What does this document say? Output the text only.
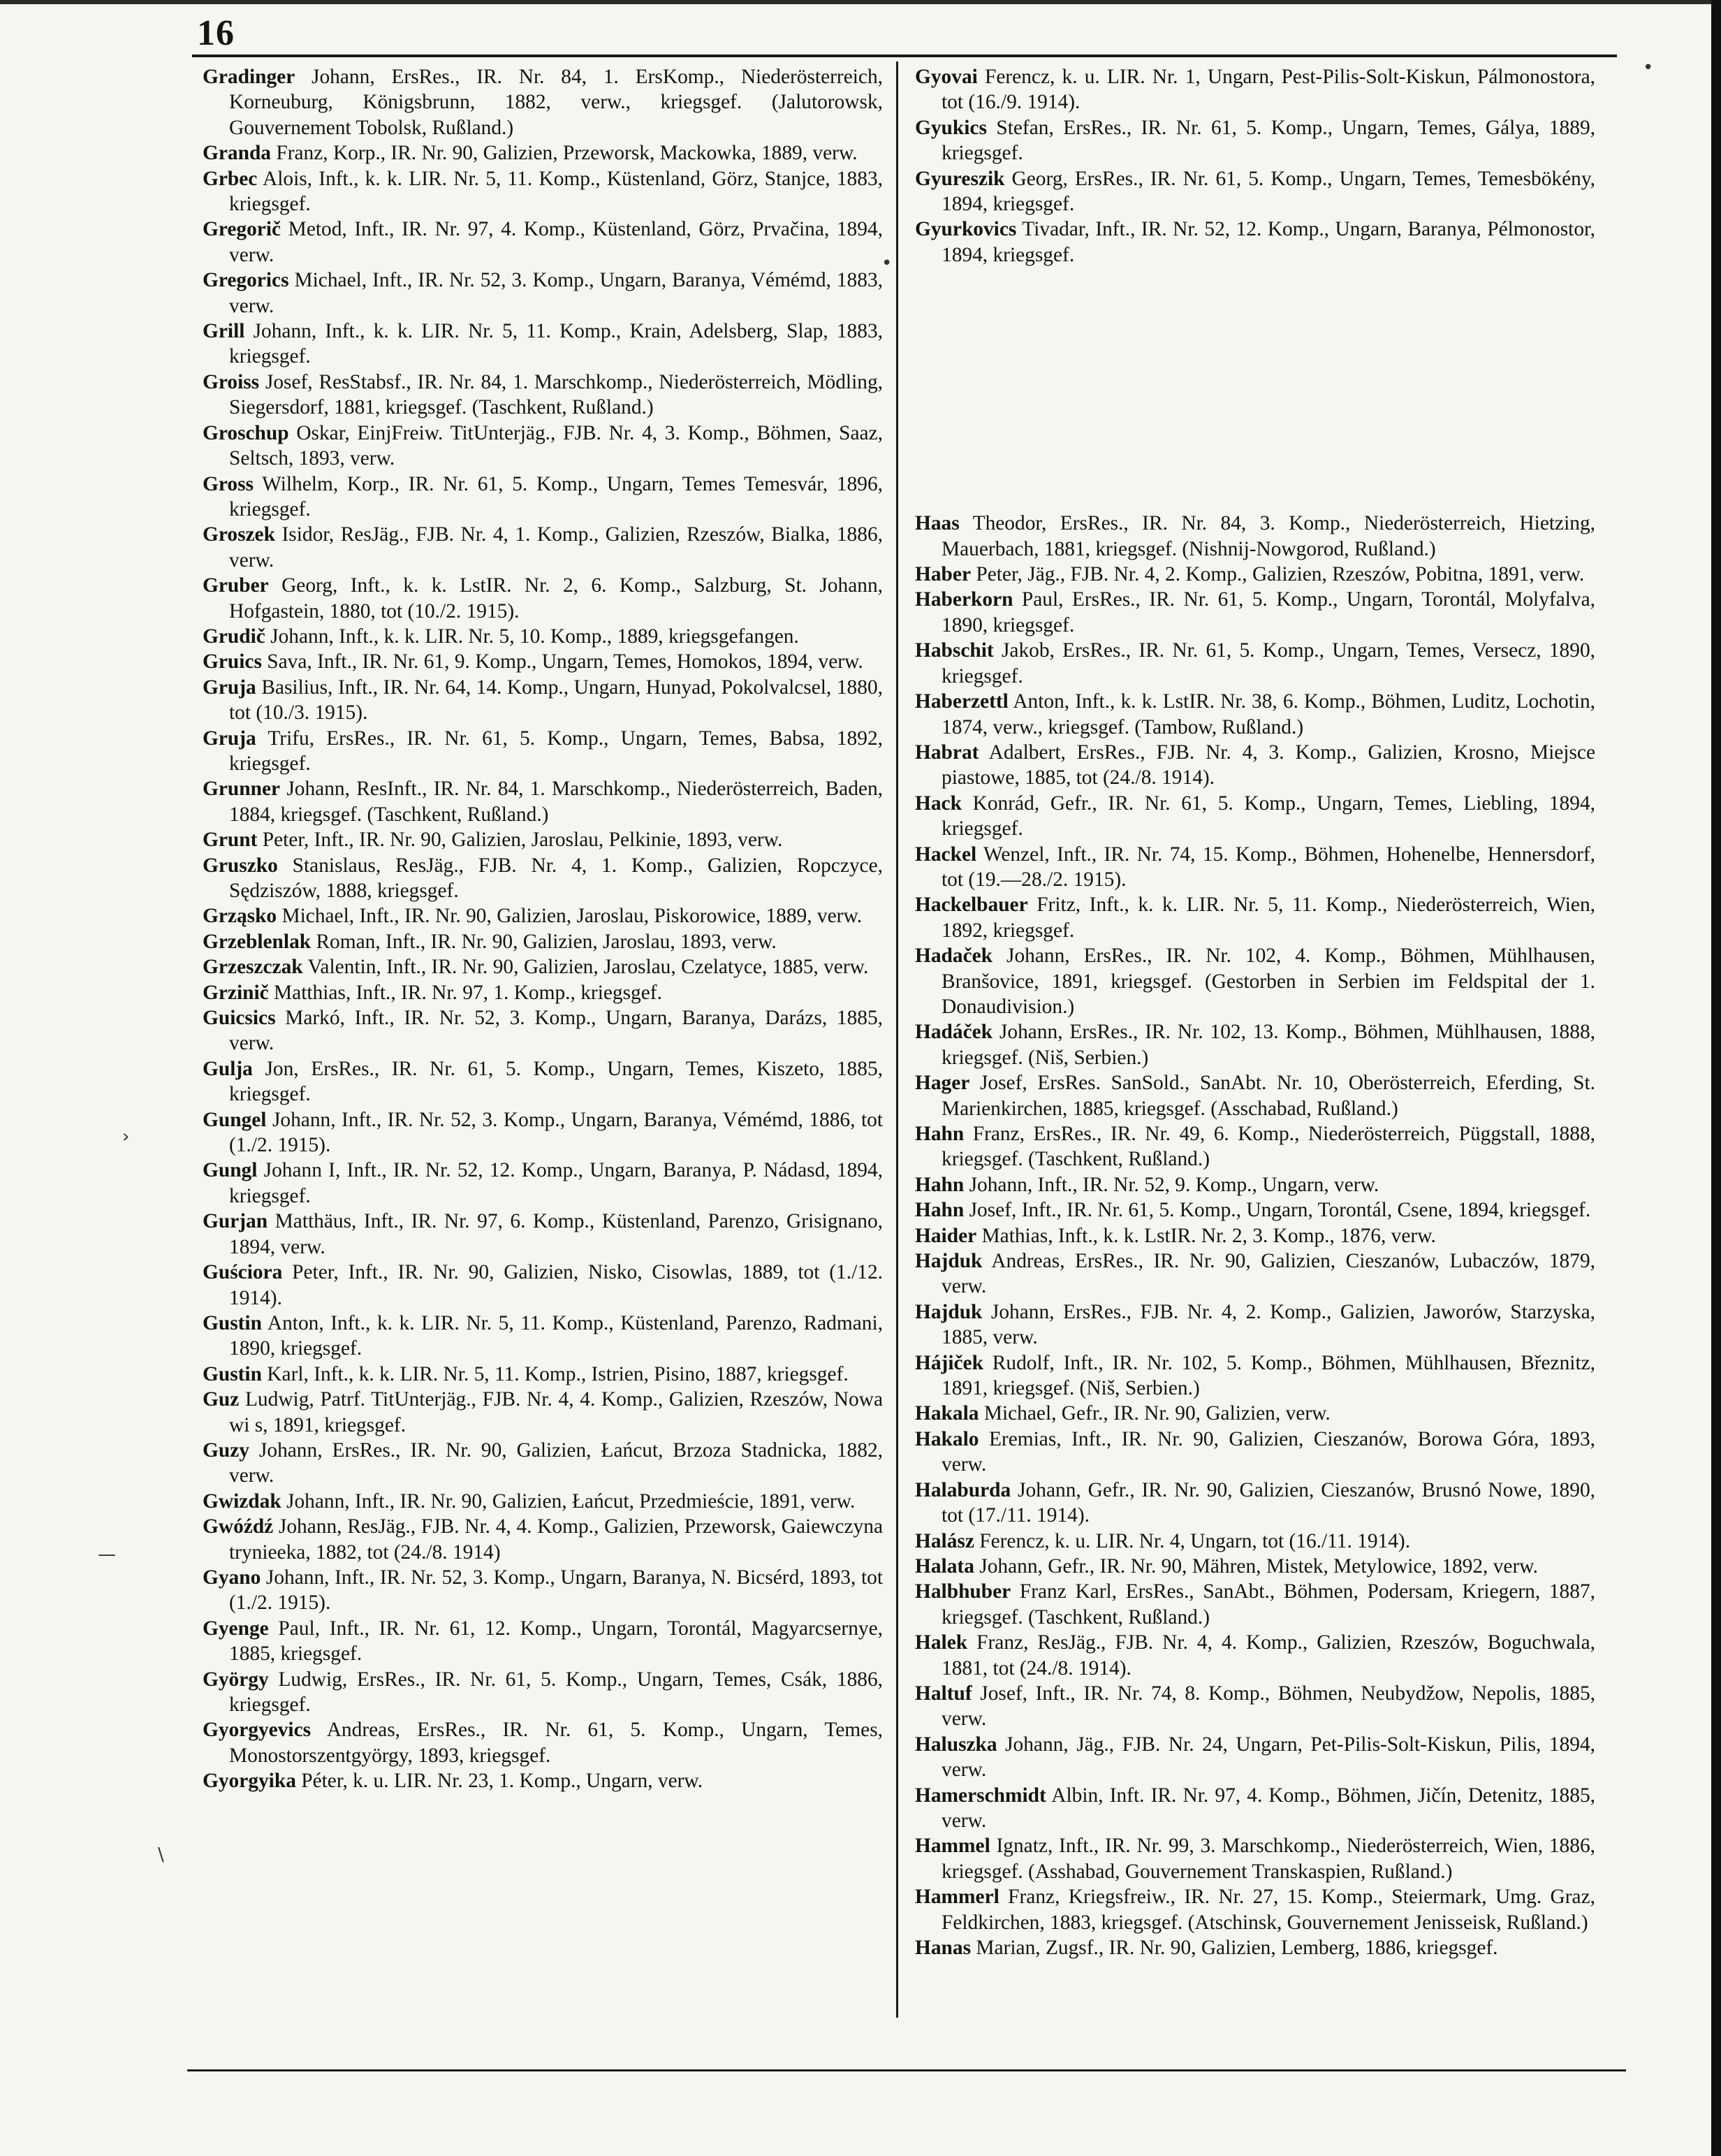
16
•
›
—
\
•

Gradinger Johann, ErsRes., IR. Nr. 84, 1. ErsKomp., Niederösterreich, Korneuburg, Königsbrunn, 1882, verw., kriegsgef. (Jalutorowsk, Gouvernement Tobolsk, Rußland.)

Granda Franz, Korp., IR. Nr. 90, Galizien, Przeworsk, Mackowka, 1889, verw.

Grbec Alois, Inft., k. k. LIR. Nr. 5, 11. Komp., Küstenland, Görz, Stanjce, 1883, kriegsgef.

Gregorič Metod, Inft., IR. Nr. 97, 4. Komp., Küstenland, Görz, Prvačina, 1894, verw.

Gregorics Michael, Inft., IR. Nr. 52, 3. Komp., Ungarn, Baranya, Vémémd, 1883, verw.

Grill Johann, Inft., k. k. LIR. Nr. 5, 11. Komp., Krain, Adelsberg, Slap, 1883, kriegsgef.

Groiss Josef, ResStabsf., IR. Nr. 84, 1. Marschkomp., Niederösterreich, Mödling, Siegersdorf, 1881, kriegsgef. (Taschkent, Rußland.)

Groschup Oskar, EinjFreiw. TitUnterjäg., FJB. Nr. 4, 3. Komp., Böhmen, Saaz, Seltsch, 1893, verw.

Gross Wilhelm, Korp., IR. Nr. 61, 5. Komp., Ungarn, Temes Temesvár, 1896, kriegsgef.

Groszek Isidor, ResJäg., FJB. Nr. 4, 1. Komp., Galizien, Rzeszów, Bialka, 1886, verw.

Gruber Georg, Inft., k. k. LstIR. Nr. 2, 6. Komp., Salzburg, St. Johann, Hofgastein, 1880, tot (10./2. 1915).

Grudič Johann, Inft., k. k. LIR. Nr. 5, 10. Komp., 1889, kriegsgefangen.

Gruics Sava, Inft., IR. Nr. 61, 9. Komp., Ungarn, Temes, Homokos, 1894, verw.

Gruja Basilius, Inft., IR. Nr. 64, 14. Komp., Ungarn, Hunyad, Pokolvalcsel, 1880, tot (10./3. 1915).

Gruja Trifu, ErsRes., IR. Nr. 61, 5. Komp., Ungarn, Temes, Babsa, 1892, kriegsgef.

Grunner Johann, ResInft., IR. Nr. 84, 1. Marschkomp., Niederösterreich, Baden, 1884, kriegsgef. (Taschkent, Rußland.)

Grunt Peter, Inft., IR. Nr. 90, Galizien, Jaroslau, Pelkinie, 1893, verw.

Gruszko Stanislaus, ResJäg., FJB. Nr. 4, 1. Komp., Galizien, Ropczyce, Sędziszów, 1888, kriegsgef.

Grząsko Michael, Inft., IR. Nr. 90, Galizien, Jaroslau, Piskorowice, 1889, verw.

Grzeblenlak Roman, Inft., IR. Nr. 90, Galizien, Jaroslau, 1893, verw.

Grzeszczak Valentin, Inft., IR. Nr. 90, Galizien, Jaroslau, Czelatyce, 1885, verw.

Grzinič Matthias, Inft., IR. Nr. 97, 1. Komp., kriegsgef.

Guicsics Markó, Inft., IR. Nr. 52, 3. Komp., Ungarn, Baranya, Darázs, 1885, verw.

Gulja Jon, ErsRes., IR. Nr. 61, 5. Komp., Ungarn, Temes, Kiszeto, 1885, kriegsgef.

Gungel Johann, Inft., IR. Nr. 52, 3. Komp., Ungarn, Baranya, Vémémd, 1886, tot (1./2. 1915).

Gungl Johann I, Inft., IR. Nr. 52, 12. Komp., Ungarn, Baranya, P. Nádasd, 1894, kriegsgef.

Gurjan Matthäus, Inft., IR. Nr. 97, 6. Komp., Küstenland, Parenzo, Grisignano, 1894, verw.

Guściora Peter, Inft., IR. Nr. 90, Galizien, Nisko, Cisowlas, 1889, tot (1./12. 1914).

Gustin Anton, Inft., k. k. LIR. Nr. 5, 11. Komp., Küstenland, Parenzo, Radmani, 1890, kriegsgef.

Gustin Karl, Inft., k. k. LIR. Nr. 5, 11. Komp., Istrien, Pisino, 1887, kriegsgef.

Guz Ludwig, Patrf. TitUnterjäg., FJB. Nr. 4, 4. Komp., Galizien, Rzeszów, Nowa wi s, 1891, kriegsgef.

Guzy Johann, ErsRes., IR. Nr. 90, Galizien, Łańcut, Brzoza Stadnicka, 1882, verw.

Gwizdak Johann, Inft., IR. Nr. 90, Galizien, Łańcut, Przedmieście, 1891, verw.

Gwóźdź Johann, ResJäg., FJB. Nr. 4, 4. Komp., Galizien, Przeworsk, Gaiewczyna trynieeka, 1882, tot (24./8. 1914)

Gyano Johann, Inft., IR. Nr. 52, 3. Komp., Ungarn, Baranya, N. Bicsérd, 1893, tot (1./2. 1915).

Gyenge Paul, Inft., IR. Nr. 61, 12. Komp., Ungarn, Torontál, Magyarcsernye, 1885, kriegsgef.

György Ludwig, ErsRes., IR. Nr. 61, 5. Komp., Ungarn, Temes, Csák, 1886, kriegsgef.

Gyorgyevics Andreas, ErsRes., IR. Nr. 61, 5. Komp., Ungarn, Temes, Monostorszentgyörgy, 1893, kriegsgef.

Gyorgyika Péter, k. u. LIR. Nr. 23, 1. Komp., Ungarn, verw.

Gyovai Ferencz, k. u. LIR. Nr. 1, Ungarn, Pest-Pilis-Solt-Kiskun, Pálmonostora, tot (16./9. 1914).

Gyukics Stefan, ErsRes., IR. Nr. 61, 5. Komp., Ungarn, Temes, Gálya, 1889, kriegsgef.

Gyureszik Georg, ErsRes., IR. Nr. 61, 5. Komp., Ungarn, Temes, Temesbökény, 1894, kriegsgef.

Gyurkovics Tivadar, Inft., IR. Nr. 52, 12. Komp., Ungarn, Baranya, Pélmonostor, 1894, kriegsgef.

Haas Theodor, ErsRes., IR. Nr. 84, 3. Komp., Niederösterreich, Hietzing, Mauerbach, 1881, kriegsgef. (Nishnij-Nowgorod, Rußland.)

Haber Peter, Jäg., FJB. Nr. 4, 2. Komp., Galizien, Rzeszów, Pobitna, 1891, verw.

Haberkorn Paul, ErsRes., IR. Nr. 61, 5. Komp., Ungarn, Torontál, Molyfalva, 1890, kriegsgef.

Habschit Jakob, ErsRes., IR. Nr. 61, 5. Komp., Ungarn, Temes, Versecz, 1890, kriegsgef.

Haberzettl Anton, Inft., k. k. LstIR. Nr. 38, 6. Komp., Böhmen, Luditz, Lochotin, 1874, verw., kriegsgef. (Tambow, Rußland.)

Habrat Adalbert, ErsRes., FJB. Nr. 4, 3. Komp., Galizien, Krosno, Miejsce piastowe, 1885, tot (24./8. 1914).

Hack Konrád, Gefr., IR. Nr. 61, 5. Komp., Ungarn, Temes, Liebling, 1894, kriegsgef.

Hackel Wenzel, Inft., IR. Nr. 74, 15. Komp., Böhmen, Hohenelbe, Hennersdorf, tot (19.—28./2. 1915).

Hackelbauer Fritz, Inft., k. k. LIR. Nr. 5, 11. Komp., Niederösterreich, Wien, 1892, kriegsgef.

Hadaček Johann, ErsRes., IR. Nr. 102, 4. Komp., Böhmen, Mühlhausen, Branšovice, 1891, kriegsgef. (Gestorben in Serbien im Feldspital der 1. Donaudivision.)

Hadáček Johann, ErsRes., IR. Nr. 102, 13. Komp., Böhmen, Mühlhausen, 1888, kriegsgef. (Niš, Serbien.)

Hager Josef, ErsRes. SanSold., SanAbt. Nr. 10, Oberösterreich, Eferding, St. Marienkirchen, 1885, kriegsgef. (Asschabad, Rußland.)

Hahn Franz, ErsRes., IR. Nr. 49, 6. Komp., Niederösterreich, Püggstall, 1888, kriegsgef. (Taschkent, Rußland.)

Hahn Johann, Inft., IR. Nr. 52, 9. Komp., Ungarn, verw.

Hahn Josef, Inft., IR. Nr. 61, 5. Komp., Ungarn, Torontál, Csene, 1894, kriegsgef.

Haider Mathias, Inft., k. k. LstIR. Nr. 2, 3. Komp., 1876, verw.

Hajduk Andreas, ErsRes., IR. Nr. 90, Galizien, Cieszanów, Lubaczów, 1879, verw.

Hajduk Johann, ErsRes., FJB. Nr. 4, 2. Komp., Galizien, Jaworów, Starzyska, 1885, verw.

Hájiček Rudolf, Inft., IR. Nr. 102, 5. Komp., Böhmen, Mühlhausen, Březnitz, 1891, kriegsgef. (Niš, Serbien.)

Hakala Michael, Gefr., IR. Nr. 90, Galizien, verw.

Hakalo Eremias, Inft., IR. Nr. 90, Galizien, Cieszanów, Borowa Góra, 1893, verw.

Halaburda Johann, Gefr., IR. Nr. 90, Galizien, Cieszanów, Brusnó Nowe, 1890, tot (17./11. 1914).

Halász Ferencz, k. u. LIR. Nr. 4, Ungarn, tot (16./11. 1914).

Halata Johann, Gefr., IR. Nr. 90, Mähren, Mistek, Metylowice, 1892, verw.

Halbhuber Franz Karl, ErsRes., SanAbt., Böhmen, Podersam, Kriegern, 1887, kriegsgef. (Taschkent, Rußland.)

Halek Franz, ResJäg., FJB. Nr. 4, 4. Komp., Galizien, Rzeszów, Boguchwala, 1881, tot (24./8. 1914).

Haltuf Josef, Inft., IR. Nr. 74, 8. Komp., Böhmen, Neubydžow, Nepolis, 1885, verw.

Haluszka Johann, Jäg., FJB. Nr. 24, Ungarn, Pet-Pilis-Solt-Kiskun, Pilis, 1894, verw.

Hamerschmidt Albin, Inft. IR. Nr. 97, 4. Komp., Böhmen, Jičín, Detenitz, 1885, verw.

Hammel Ignatz, Inft., IR. Nr. 99, 3. Marschkomp., Niederösterreich, Wien, 1886, kriegsgef. (Asshabad, Gouvernement Transkaspien, Rußland.)

Hammerl Franz, Kriegsfreiw., IR. Nr. 27, 15. Komp., Steiermark, Umg. Graz, Feldkirchen, 1883, kriegsgef. (Atschinsk, Gouvernement Jenisseisk, Rußland.)

Hanas Marian, Zugsf., IR. Nr. 90, Galizien, Lemberg, 1886, kriegsgef.
